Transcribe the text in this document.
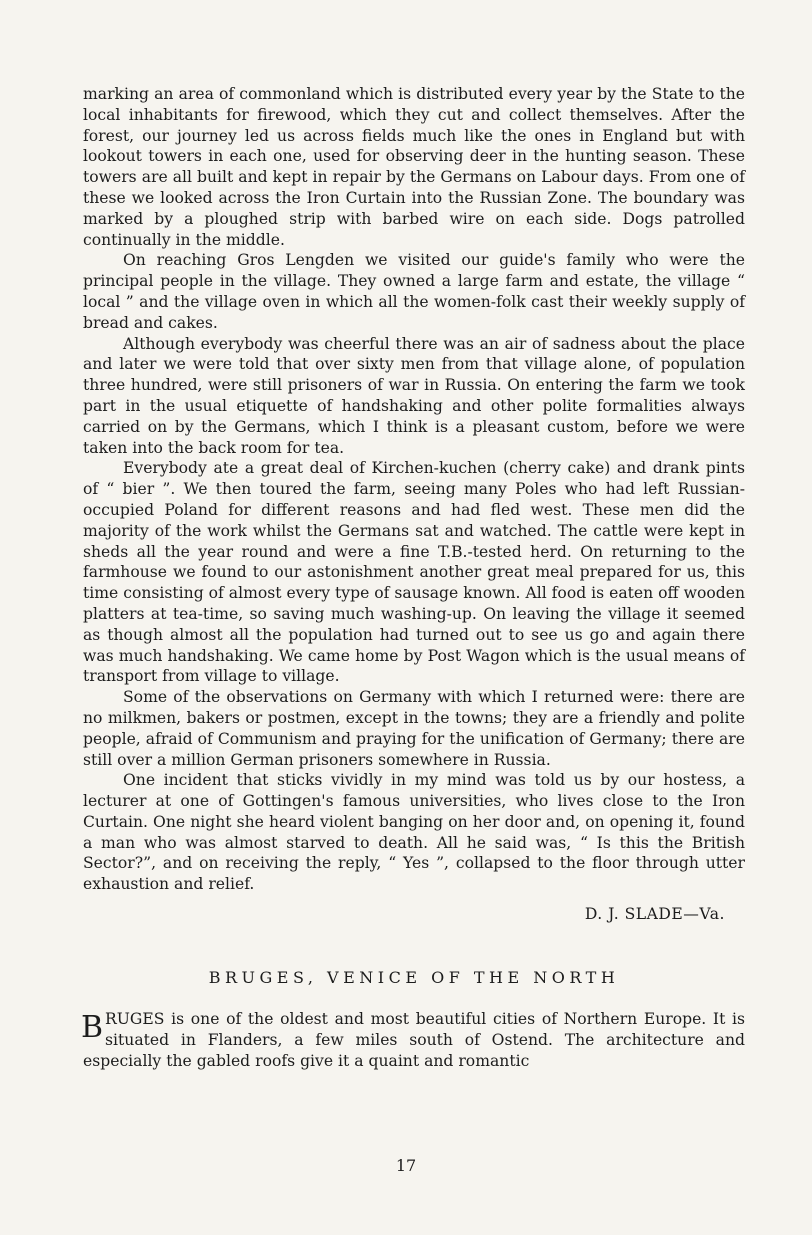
marking an area of commonland which is distributed every year by the State to the local inhabitants for firewood, which they cut and collect themselves. After the forest, our journey led us across fields much like the ones in England but with lookout towers in each one, used for observing deer in the hunting season. These towers are all built and kept in repair by the Germans on Labour days. From one of these we looked across the Iron Curtain into the Russian Zone. The boundary was marked by a ploughed strip with barbed wire on each side. Dogs patrolled continually in the middle.

On reaching Gros Lengden we visited our guide's family who were the principal people in the village. They owned a large farm and estate, the village “ local ” and the village oven in which all the women-folk cast their weekly supply of bread and cakes.

Although everybody was cheerful there was an air of sadness about the place and later we were told that over sixty men from that village alone, of population three hundred, were still prisoners of war in Russia. On entering the farm we took part in the usual etiquette of handshaking and other polite formalities always carried on by the Germans, which I think is a pleasant custom, before we were taken into the back room for tea.

Everybody ate a great deal of Kirchen-kuchen (cherry cake) and drank pints of “ bier ”. We then toured the farm, seeing many Poles who had left Russian-occupied Poland for different reasons and had fled west. These men did the majority of the work whilst the Germans sat and watched. The cattle were kept in sheds all the year round and were a fine T.B.-tested herd. On returning to the farmhouse we found to our astonishment another great meal prepared for us, this time consisting of almost every type of sausage known. All food is eaten off wooden platters at tea-time, so saving much washing-up. On leaving the village it seemed as though almost all the population had turned out to see us go and again there was much handshaking. We came home by Post Wagon which is the usual means of transport from village to village.

Some of the observations on Germany with which I returned were: there are no milkmen, bakers or postmen, except in the towns; they are a friendly and polite people, afraid of Communism and praying for the unification of Germany; there are still over a million German prisoners somewhere in Russia.

One incident that sticks vividly in my mind was told us by our hostess, a lecturer at one of Gottingen's famous universities, who lives close to the Iron Curtain. One night she heard violent banging on her door and, on opening it, found a man who was almost starved to death. All he said was, “ Is this the British Sector?”, and on receiving the reply, “ Yes ”, collapsed to the floor through utter exhaustion and relief.

D. J. SLADE—Va.
BRUGES, VENICE OF THE NORTH

BRUGES is one of the oldest and most beautiful cities of Northern Europe. It is situated in Flanders, a few miles south of Ostend. The architecture and especially the gabled roofs give it a quaint and romantic

17
